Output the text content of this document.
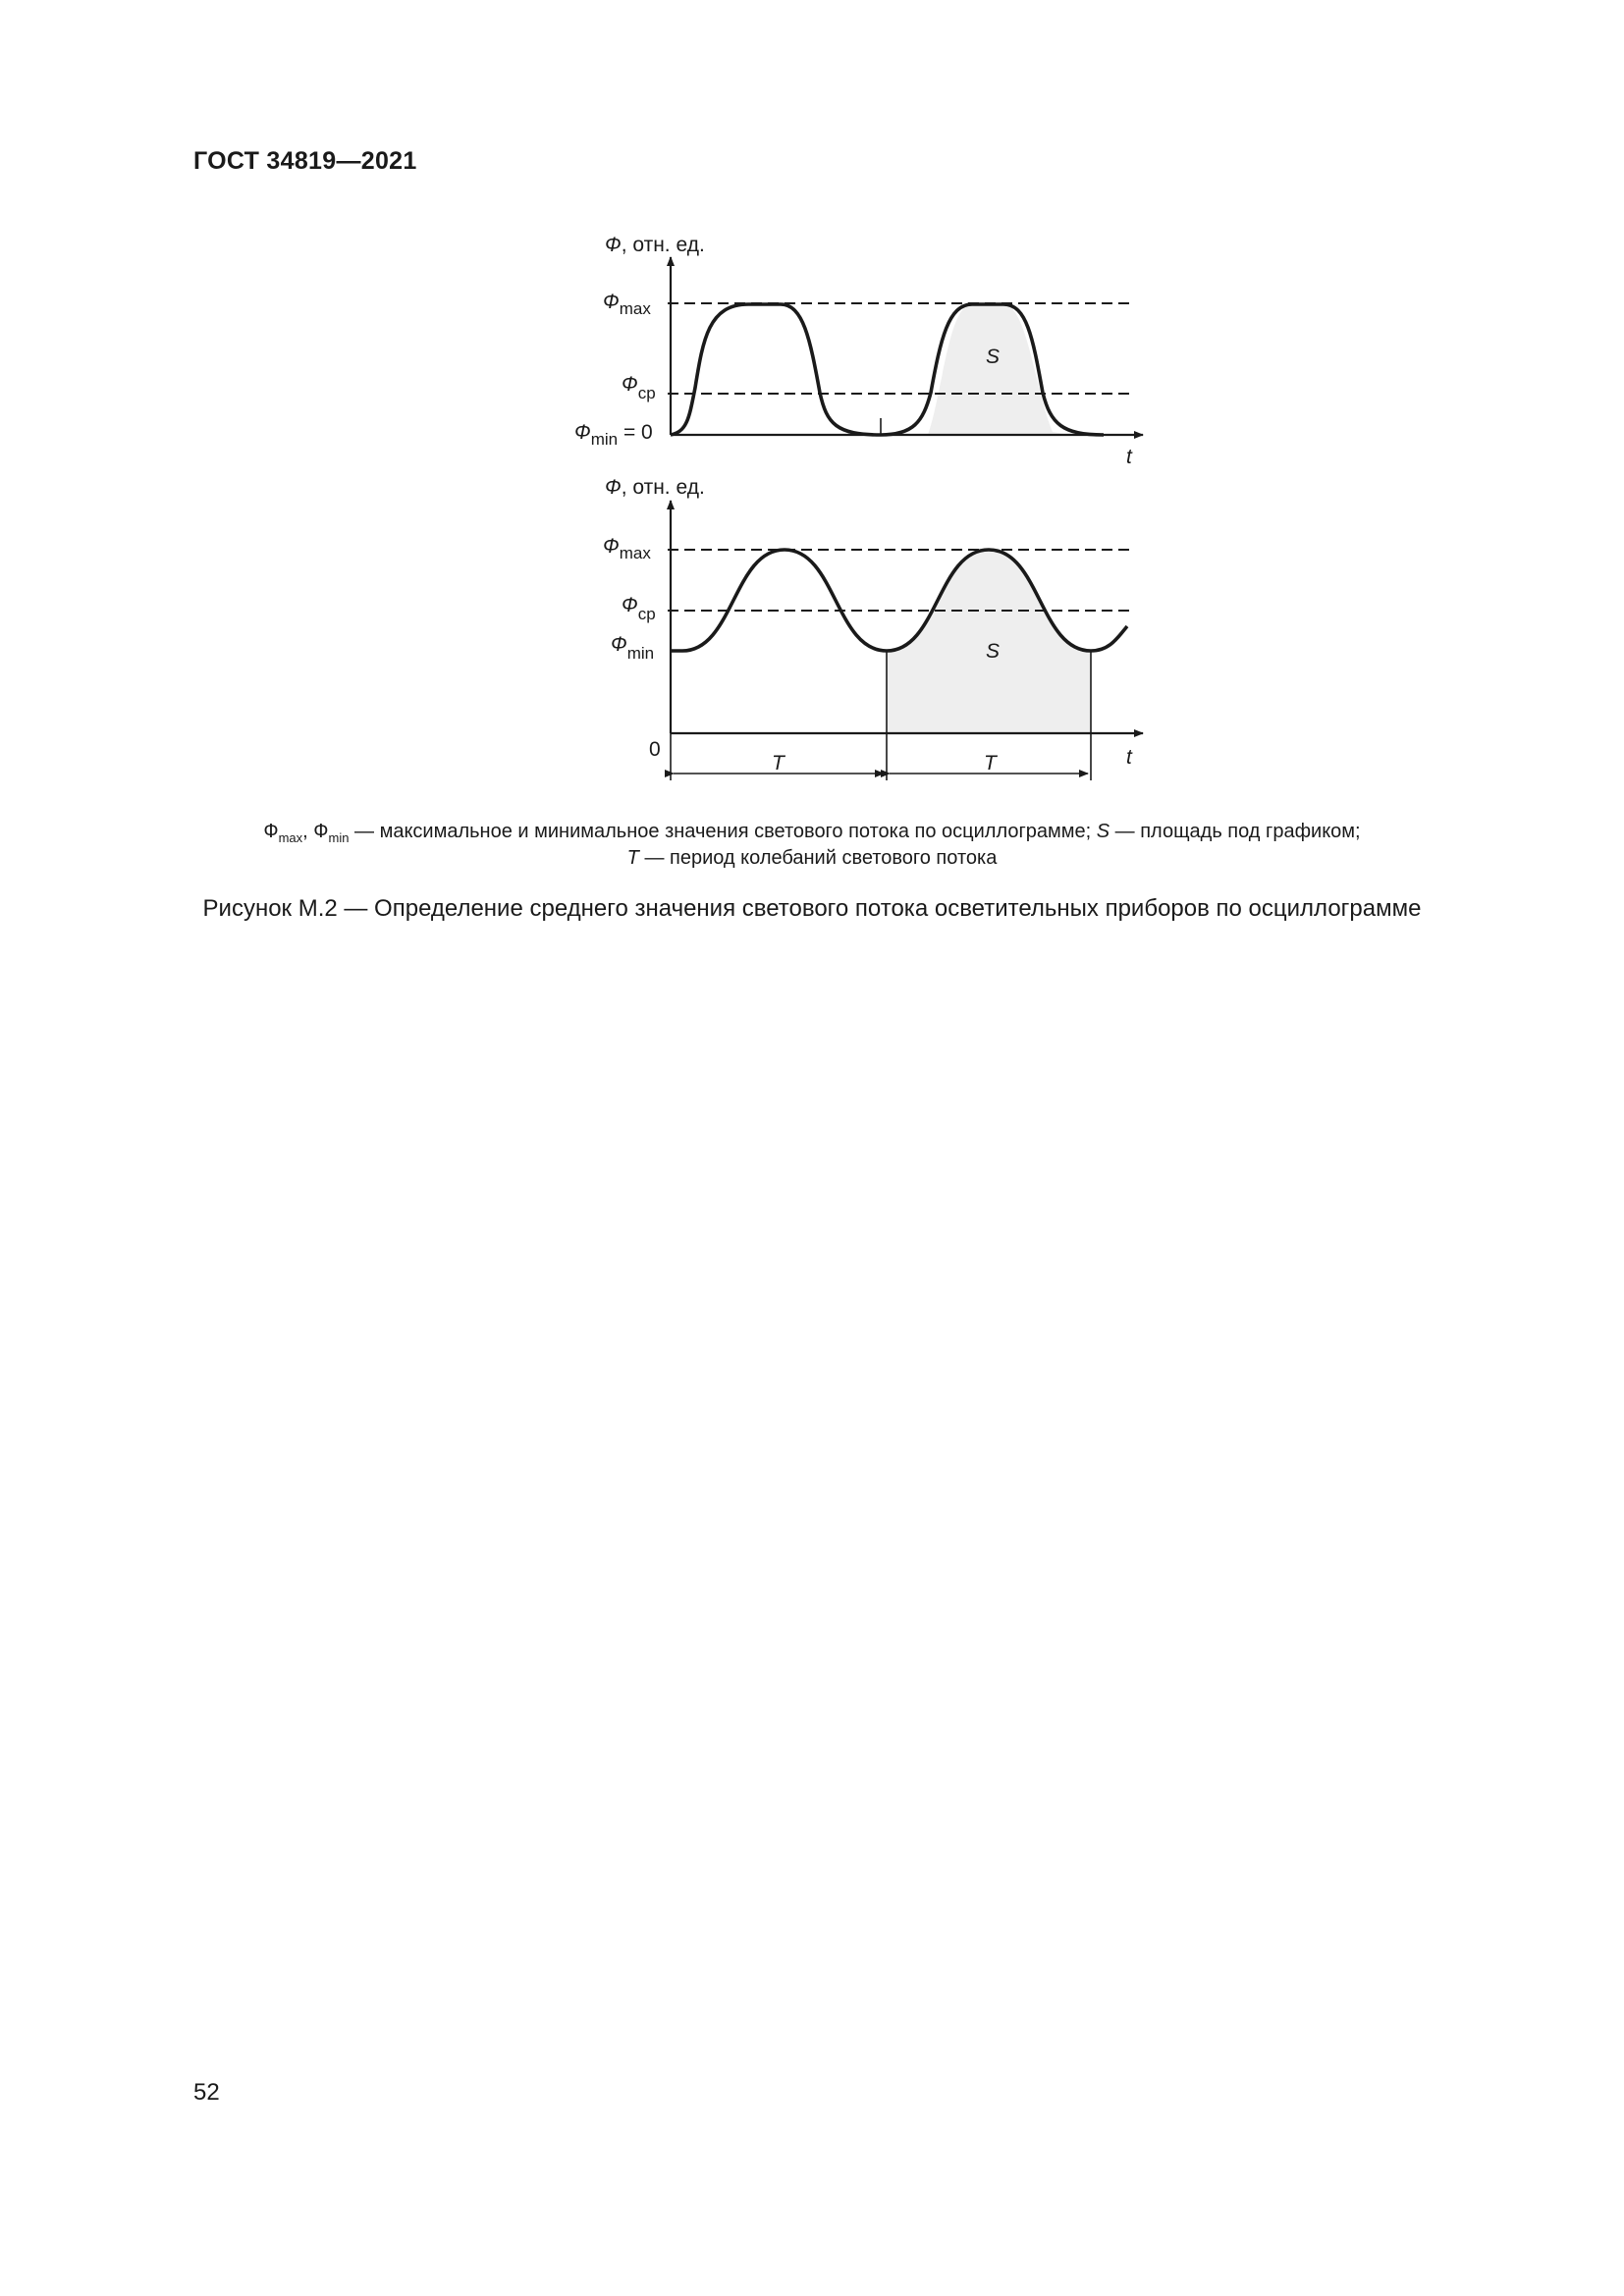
ГОСТ 34819—2021
Ф, отн. ед.
$Ф_{max}$
$Ф_{ср}$
$Ф_{min} = 0$
S
t
Ф, отн. ед.
$Ф_{max}$
$Ф_{ср}$
$Ф_{min}$
0
S
T	T	t
$Ф_{max}$, $Ф_{min}$ — максимальное и минимальное значения светового потока по осциллограмме; S — площадь под графиком;
T — период колебаний светового потока
Рисунок М.2 — Определение среднего значения светового потока осветительных приборов по осциллограмме
52
